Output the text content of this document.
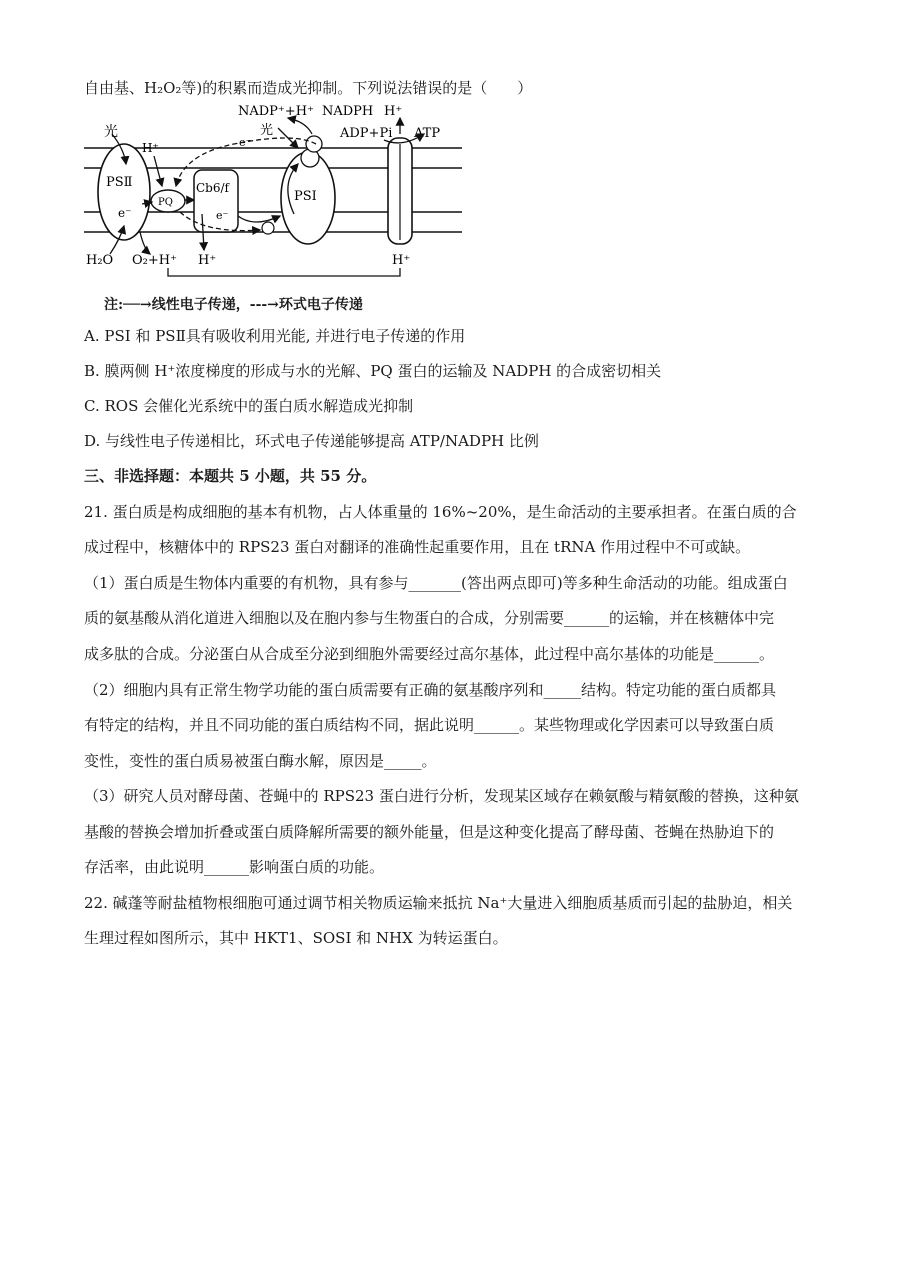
自由基、H₂O₂等)的积累而造成光抑制。下列说法错误的是（　　）
PSⅡ
e⁻
PQ
Cb6/f
e⁻
PSⅠ
光
H⁺
NADP⁺+H⁺ NADPH H⁺
光	ADP+Pi ATP
e⁻
H₂O O₂+H⁺ H⁺	H⁺
注:──→线性电子传递，---→环式电子传递
A. PSI 和 PSⅡ具有吸收利用光能, 并进行电子传递的作用
B. 膜两侧 H⁺浓度梯度的形成与水的光解、PQ 蛋白的运输及 NADPH 的合成密切相关
C. ROS 会催化光系统中的蛋白质水解造成光抑制
D. 与线性电子传递相比，环式电子传递能够提高 ATP/NADPH 比例
三、非选择题：本题共 5 小题，共 55 分。
21. 蛋白质是构成细胞的基本有机物，占人体重量的 16%~20%，是生命活动的主要承担者。在蛋白质的合
成过程中，核糖体中的 RPS23 蛋白对翻译的准确性起重要作用，且在 tRNA 作用过程中不可或缺。
（1）蛋白质是生物体内重要的有机物，具有参与_______(答出两点即可)等多种生命活动的功能。组成蛋白
质的氨基酸从消化道进入细胞以及在胞内参与生物蛋白的合成，分别需要______的运输，并在核糖体中完
成多肽的合成。分泌蛋白从合成至分泌到细胞外需要经过高尔基体，此过程中高尔基体的功能是______。
（2）细胞内具有正常生物学功能的蛋白质需要有正确的氨基酸序列和_____结构。特定功能的蛋白质都具
有特定的结构，并且不同功能的蛋白质结构不同，据此说明______。某些物理或化学因素可以导致蛋白质
变性，变性的蛋白质易被蛋白酶水解，原因是_____。
（3）研究人员对酵母菌、苍蝇中的 RPS23 蛋白进行分析，发现某区域存在赖氨酸与精氨酸的替换，这种氨
基酸的替换会增加折叠或蛋白质降解所需要的额外能量，但是这种变化提高了酵母菌、苍蝇在热胁迫下的
存活率，由此说明______影响蛋白质的功能。
22. 碱蓬等耐盐植物根细胞可通过调节相关物质运输来抵抗 Na⁺大量进入细胞质基质而引起的盐胁迫，相关
生理过程如图所示，其中 HKT1、SOSI 和 NHX 为转运蛋白。
